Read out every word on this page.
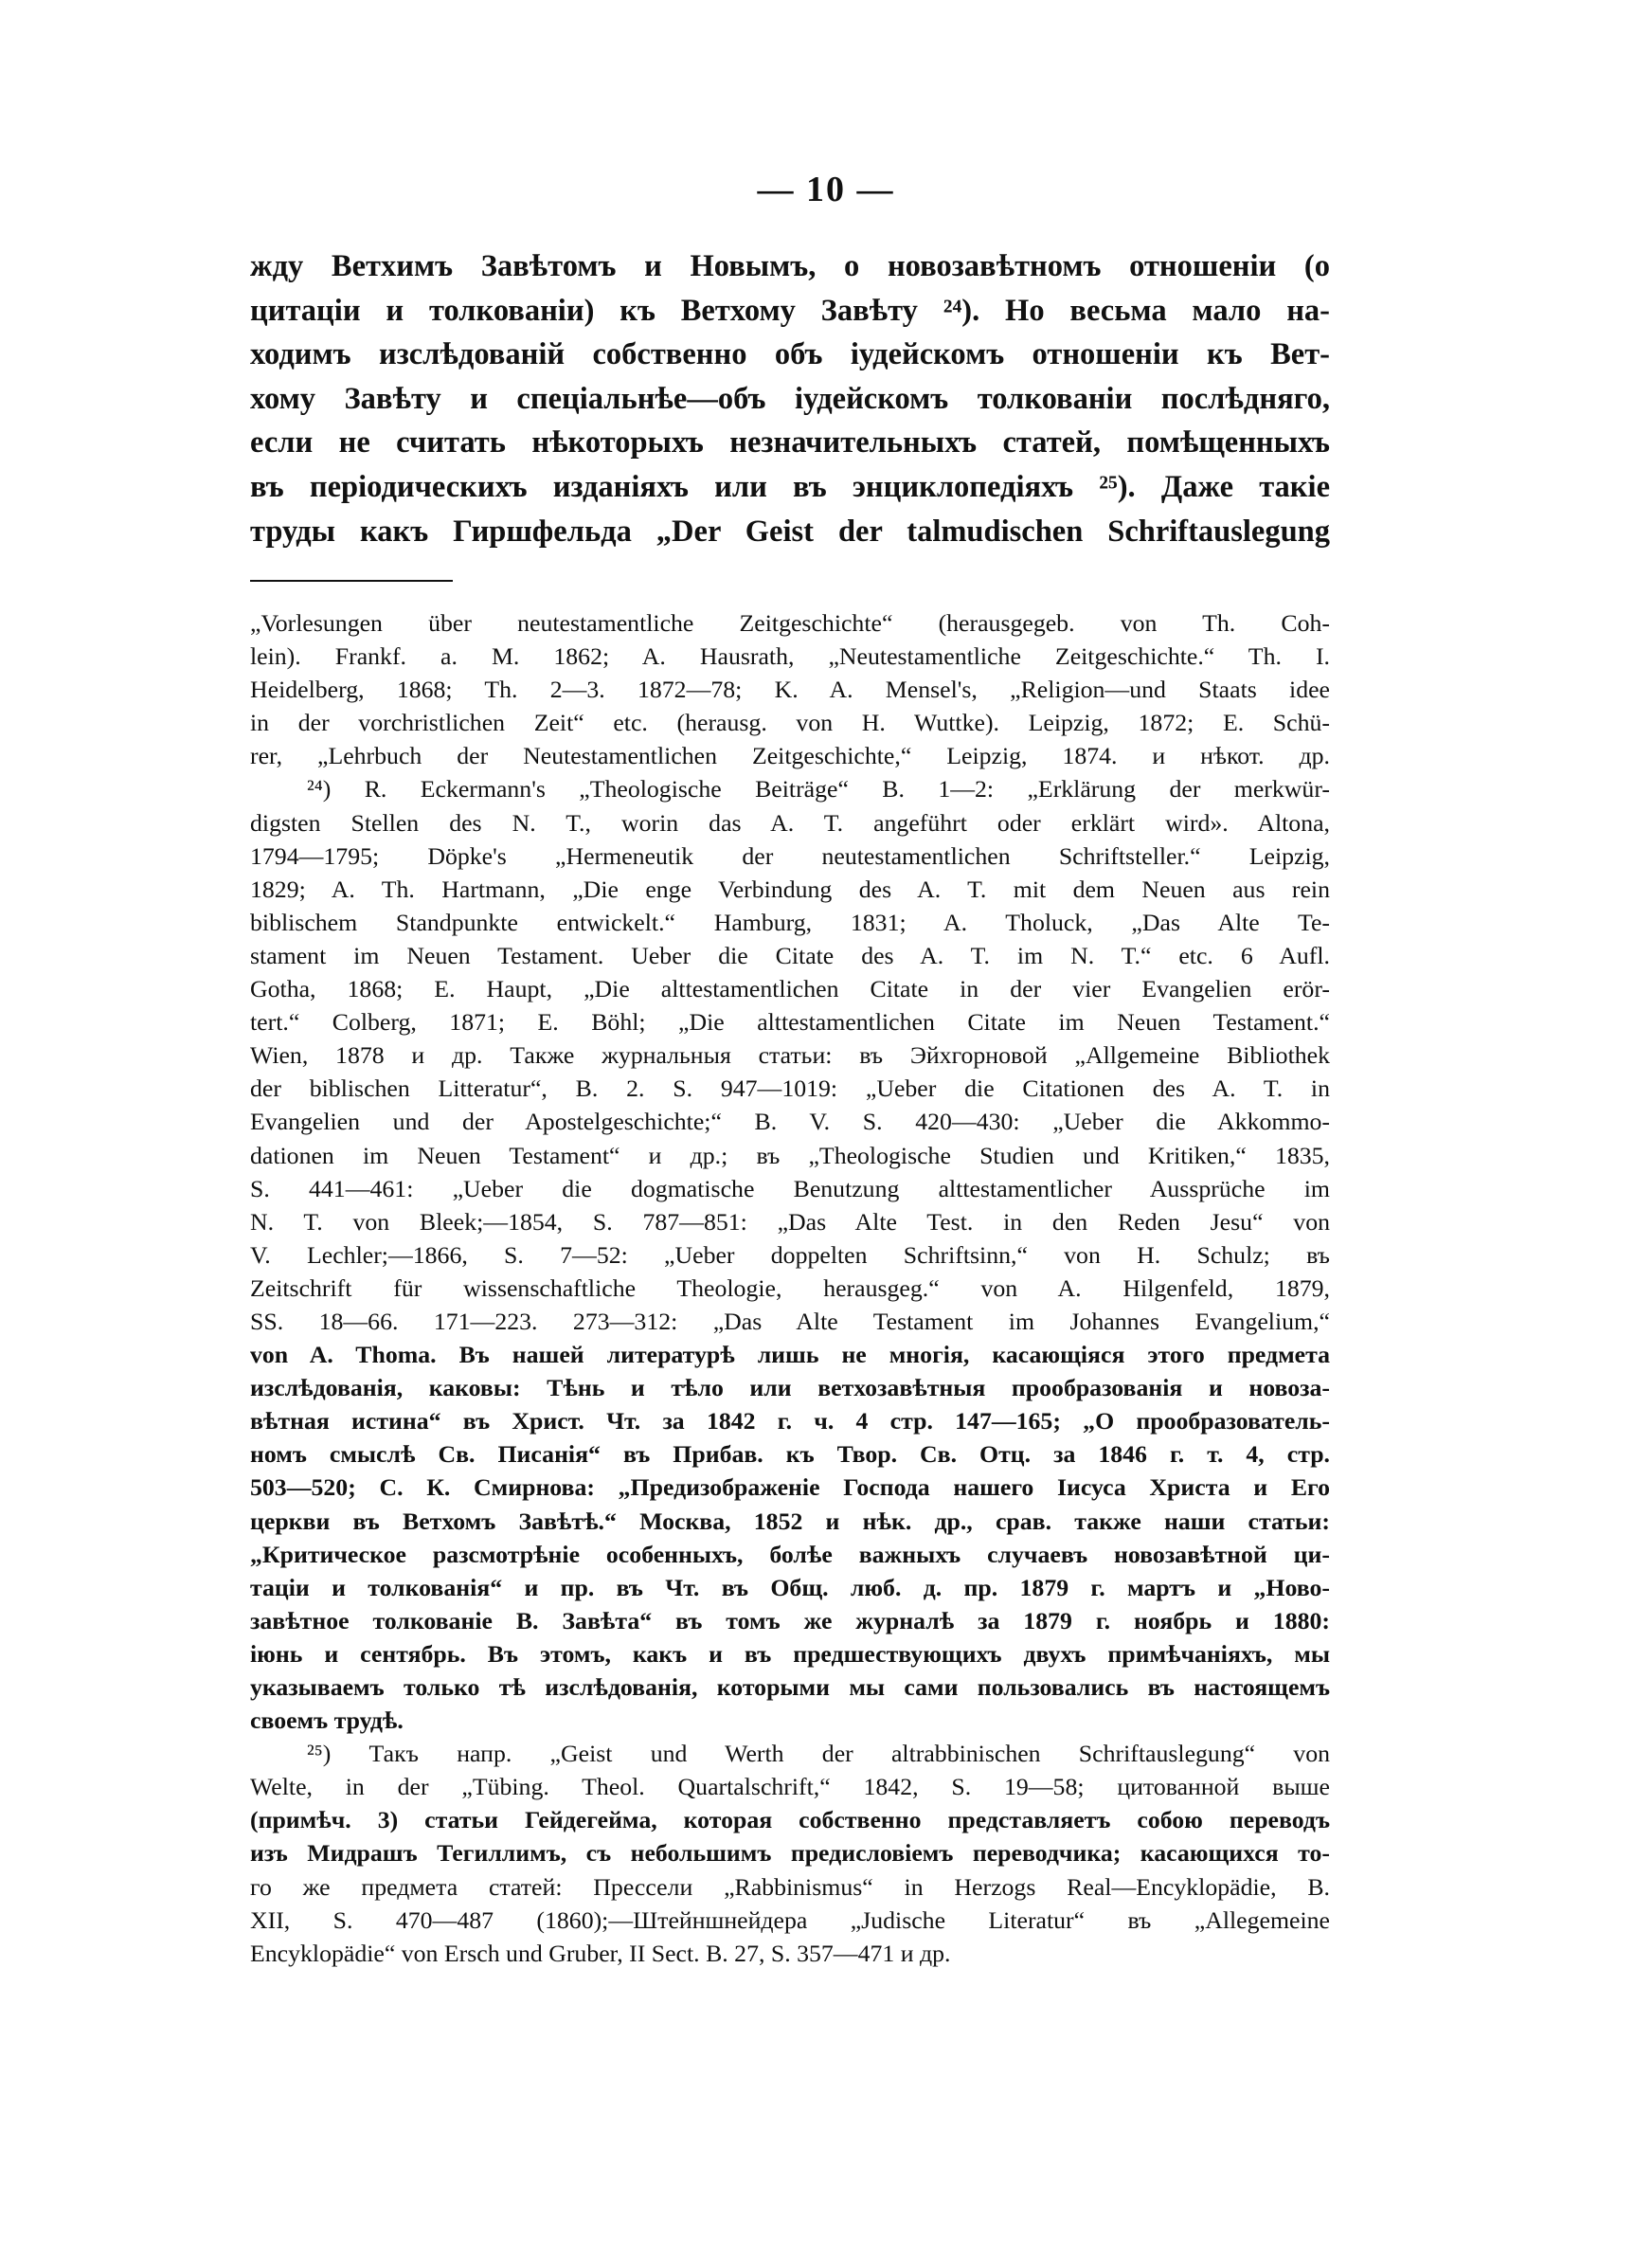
— 10 —
жду Ветхимъ Завѣтомъ и Новымъ, о новозавѣтномъ отношеніи (о
цитаціи и толкованіи) къ Ветхому Завѣту ²⁴). Но весьма мало на-
ходимъ изслѣдованій собственно объ іудейскомъ отношеніи къ Вет-
хому Завѣту и спеціальнѣе—объ іудейскомъ толкованіи послѣдняго,
если не считать нѣкоторыхъ незначительныхъ статей, помѣщенныхъ
въ періодическихъ изданіяхъ или въ энциклопедіяхъ ²⁵). Даже такіе
труды какъ Гиршфельда „Der Geist der talmudischen Schriftauslegung
„Vorlesungen über neutestamentliche Zeitgeschichte“ (herausgegeb. von Th. Coh-
lein). Frankf. a. M. 1862; A. Hausrath, „Neutestamentliche Zeitgeschichte.“ Th. I.
Heidelberg, 1868; Th. 2—3. 1872—78; K. A. Mensel's, „Religion—und Staats idee
in der vorchristlichen Zeit“ etc. (herausg. von H. Wuttke). Leipzig, 1872; E. Schü-
rer, „Lehrbuch der Neutestamentlichen Zeitgeschichte,“ Leipzig, 1874. и нѣкот. др.
²⁴) R. Eckermann's „Theologische Beiträge“ B. 1—2: „Erklärung der merkwür-
digsten Stellen des N. T., worin das A. T. angeführt oder erklärt wird». Altona,
1794—1795; Döpke's „Hermeneutik der neutestamentlichen Schriftsteller.“ Leipzig,
1829; A. Th. Hartmann, „Die enge Verbindung des A. T. mit dem Neuen aus rein
biblischem Standpunkte entwickelt.“ Hamburg, 1831; A. Tholuck, „Das Alte Te-
stament im Neuen Testament. Ueber die Citate des A. T. im N. T.“ etc. 6 Aufl.
Gotha, 1868; E. Haupt, „Die alttestamentlichen Citate in der vier Evangelien erör-
tert.“ Colberg, 1871; E. Böhl; „Die alttestamentlichen Citate im Neuen Testament.“
Wien, 1878 и др. Также журнальныя статьи: въ Эйхгорновой „Allgemeine Bibliothek
der biblischen Litteratur“, B. 2. S. 947—1019: „Ueber die Citationen des A. T. in
Evangelien und der Apostelgeschichte;“ B. V. S. 420—430: „Ueber die Akkommo-
dationen im Neuen Testament“ и др.; въ „Theologische Studien und Kritiken,“ 1835,
S. 441—461: „Ueber die dogmatische Benutzung alttestamentlicher Aussprüche im
N. T. von Bleek;—1854, S. 787—851: „Das Alte Test. in den Reden Jesu“ von
V. Lechler;—1866, S. 7—52: „Ueber doppelten Schriftsinn,“ von H. Schulz; въ
Zeitschrift für wissenschaftliche Theologie, herausgeg.“ von A. Hilgenfeld, 1879,
SS. 18—66. 171—223. 273—312: „Das Alte Testament im Johannes Evangelium,“
von A. Thoma. Въ нашей литературѣ лишь не многія, касающіяся этого предмета
изслѣдованія, каковы: Тѣнь и тѣло или ветхозавѣтныя прообразованія и новоза-
вѣтная истина“ въ Христ. Чт. за 1842 г. ч. 4 стр. 147—165; „О прообразователь-
номъ смыслѣ Св. Писанія“ въ Прибав. къ Твор. Св. Отц. за 1846 г. т. 4, стр.
503—520; С. К. Смирнова: „Предизображеніе Господа нашего Іисуса Христа и Его
церкви въ Ветхомъ Завѣтѣ.“ Москва, 1852 и нѣк. др., срав. также наши статьи:
„Критическое разсмотрѣніе особенныхъ, болѣе важныхъ случаевъ новозавѣтной ци-
таціи и толкованія“ и пр. въ Чт. въ Общ. люб. д. пр. 1879 г. мартъ и „Ново-
завѣтное толкованіе В. Завѣта“ въ томъ же журналѣ за 1879 г. ноябрь и 1880:
іюнь и сентябрь. Въ этомъ, какъ и въ предшествующихъ двухъ примѣчаніяхъ, мы
указываемъ только тѣ изслѣдованія, которыми мы сами пользовались въ настоящемъ
своемъ трудѣ.
²⁵) Такъ напр. „Geist und Werth der altrabbinischen Schriftauslegung“ von
Welte, in der „Tübing. Theol. Quartalschrift,“ 1842, S. 19—58; цитованной выше
(примѣч. 3) статьи Гейдегейма, которая собственно представляетъ собою переводъ
изъ Мидрашъ Тегиллимъ, съ небольшимъ предисловіемъ переводчика; касающихся то-
го же предмета статей: Прессели „Rabbinismus“ in Herzogs Real—Encyklopädie, B.
XII, S. 470—487 (1860);—Штейншнейдера „Judische Literatur“ въ „Allegemeine
Encyklopädie“ von Ersch und Gruber, II Sect. B. 27, S. 357—471 и др.
